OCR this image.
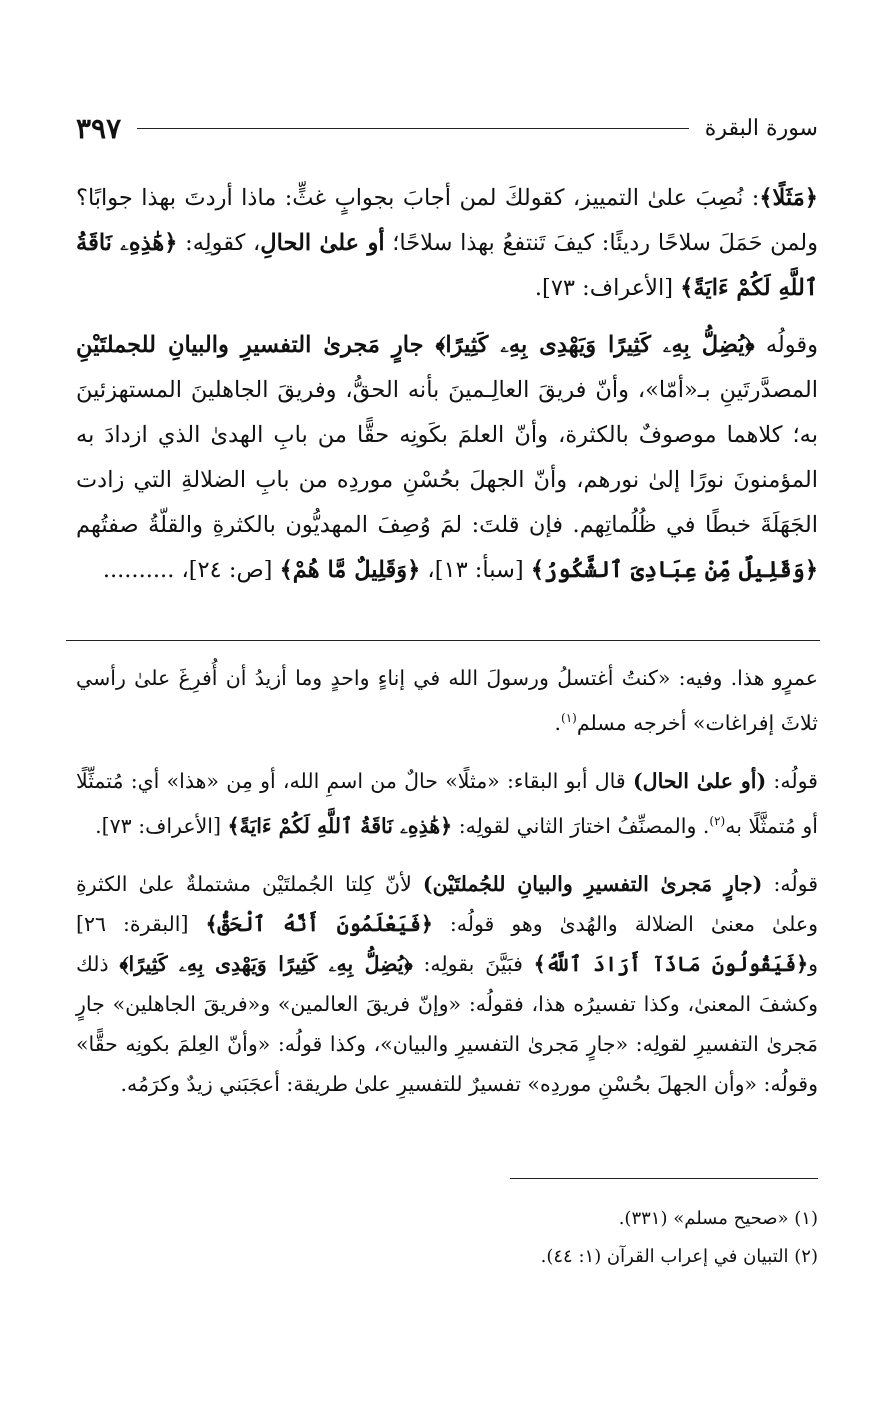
سورة البقرة
٣٩٧

﴿مَثَلًا﴾: نُصِبَ علىٰ التمييز، كقولكَ لمن أجابَ بجوابٍ غثٍّ: ماذا أردتَ بهذا جوابًا؟ ولمن حَمَلَ سلاحًا رديئًا: كيفَ تَنتفعُ بهذا سلاحًا؛ أو علىٰ الحالِ، كقولِه: ﴿هَٰذِهِۦ نَاقَةُ ٱللَّهِ لَكُمْ ءَايَةً﴾ [الأعراف: ٧٣].

وقولُه ﴿يُضِلُّ بِهِۦ كَثِيرًا وَيَهْدِى بِهِۦ كَثِيرًا﴾ جارٍ مَجرىٰ التفسيرِ والبيانِ للجملتَيْنِ المصدَّرتَينِ بـ«أمّا»، وأنّ فريقَ العالِـمينَ بأنه الحقُّ، وفريقَ الجاهلينَ المستهزئينَ به؛ كلاهما موصوفٌ بالكثرة، وأنّ العلمَ بكَونِه حقًّا من بابِ الهدىٰ الذي ازدادَ به المؤمنونَ نورًا إلىٰ نورهم، وأنّ الجهلَ بحُسْنِ موردِه من بابِ الضلالةِ التي زادت الجَهَلَةَ خبطًا في ظُلُماتِهم. فإن قلتَ: لمَ وُصِفَ المهديُّون بالكثرةِ والقلّةُ صفتُهم ﴿وَقَلِيلٌ مِّنْ عِبَادِىَ ٱلشَّكُورُ﴾ [سبأ: ١٣]، ﴿وَقَلِيلٌ مَّا هُمْ﴾ [ص: ٢٤]، ..........

عمرٍو هذا. وفيه: «كنتُ أغتسلُ ورسولَ الله في إناءٍ واحدٍ وما أزيدُ أن أُفرِغَ علىٰ رأسي ثلاثَ إفراغات» أخرجه مسلم$^{(١)}$.

قولُه: (أو علىٰ الحال) قال أبو البقاء: «مثلًا» حالٌ من اسمِ الله، أو مِن «هذا» أي: مُتمثِّلًا أو مُتمثَّلًا به$^{(٢)}$. والمصنِّفُ اختارَ الثاني لقولِه: ﴿هَٰذِهِۦ نَاقَةُ ٱللَّهِ لَكُمْ ءَايَةً﴾ [الأعراف: ٧٣].

قولُه: (جارٍ مَجرىٰ التفسيرِ والبيانِ للجُملتَيْن) لأنّ كِلتا الجُملتَيْن مشتملةٌ علىٰ الكثرةِ وعلىٰ معنىٰ الضلالة والهُدىٰ وهو قولُه: ﴿فَيَعْلَمُونَ أَنَّهُ ٱلْحَقُّ﴾ [البقرة: ٢٦] و﴿فَيَقُولُونَ مَاذَآ أَرَادَ ٱللَّهُ﴾ فبَيَّنَ بقولِه: ﴿يُضِلُّ بِهِۦ كَثِيرًا وَيَهْدِى بِهِۦ كَثِيرًا﴾ ذلك وكشفَ المعنىٰ، وكذا تفسيرُه هذا، فقولُه: «وإنّ فريقَ العالمين» و«فريقَ الجاهلين» جارٍ مَجرىٰ التفسيرِ لقولِه: «جارٍ مَجرىٰ التفسيرِ والبيان»، وكذا قولُه: «وأنّ العِلمَ بكونِه حقًّا» وقولُه: «وأن الجهلَ بحُسْنِ موردِه» تفسيرٌ للتفسيرِ علىٰ طريقة: أعجَبَني زيدٌ وكرَمُه.

(١) «صحيح مسلم» (٣٣١).
(٢) التبيان في إعراب القرآن (١: ٤٤).
